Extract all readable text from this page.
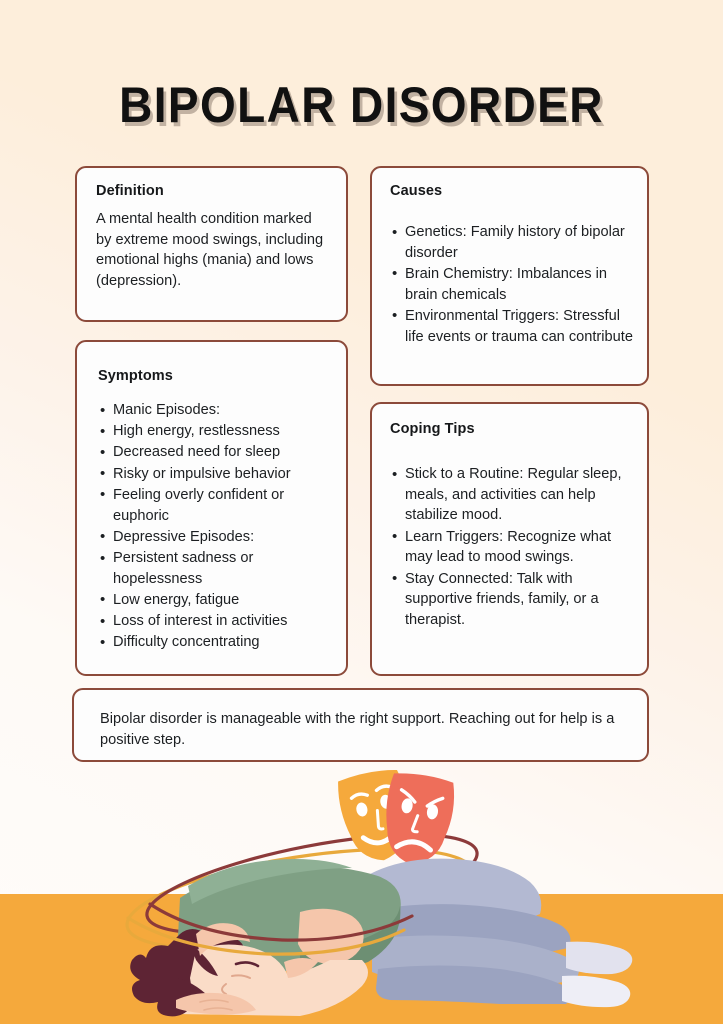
BIPOLAR DISORDER
Definition

A mental health condition marked by extreme mood swings, including emotional highs (mania) and lows (depression).

Causes
• Genetics: Family history of bipolar disorder
• Brain Chemistry: Imbalances in brain chemicals
• Environmental Triggers: Stressful life events or trauma can contribute
Symptoms
• Manic Episodes:
• High energy, restlessness
• Decreased need for sleep
• Risky or impulsive behavior
• Feeling overly confident or euphoric
• Depressive Episodes:
• Persistent sadness or hopelessness
• Low energy, fatigue
• Loss of interest in activities
• Difficulty concentrating
Coping Tips
• Stick to a Routine: Regular sleep, meals, and activities can help stabilize mood.
• Learn Triggers: Recognize what may lead to mood swings.
• Stay Connected: Talk with supportive friends, family, or a therapist.
Bipolar disorder is manageable with the right support. Reaching out for help is a positive step.
